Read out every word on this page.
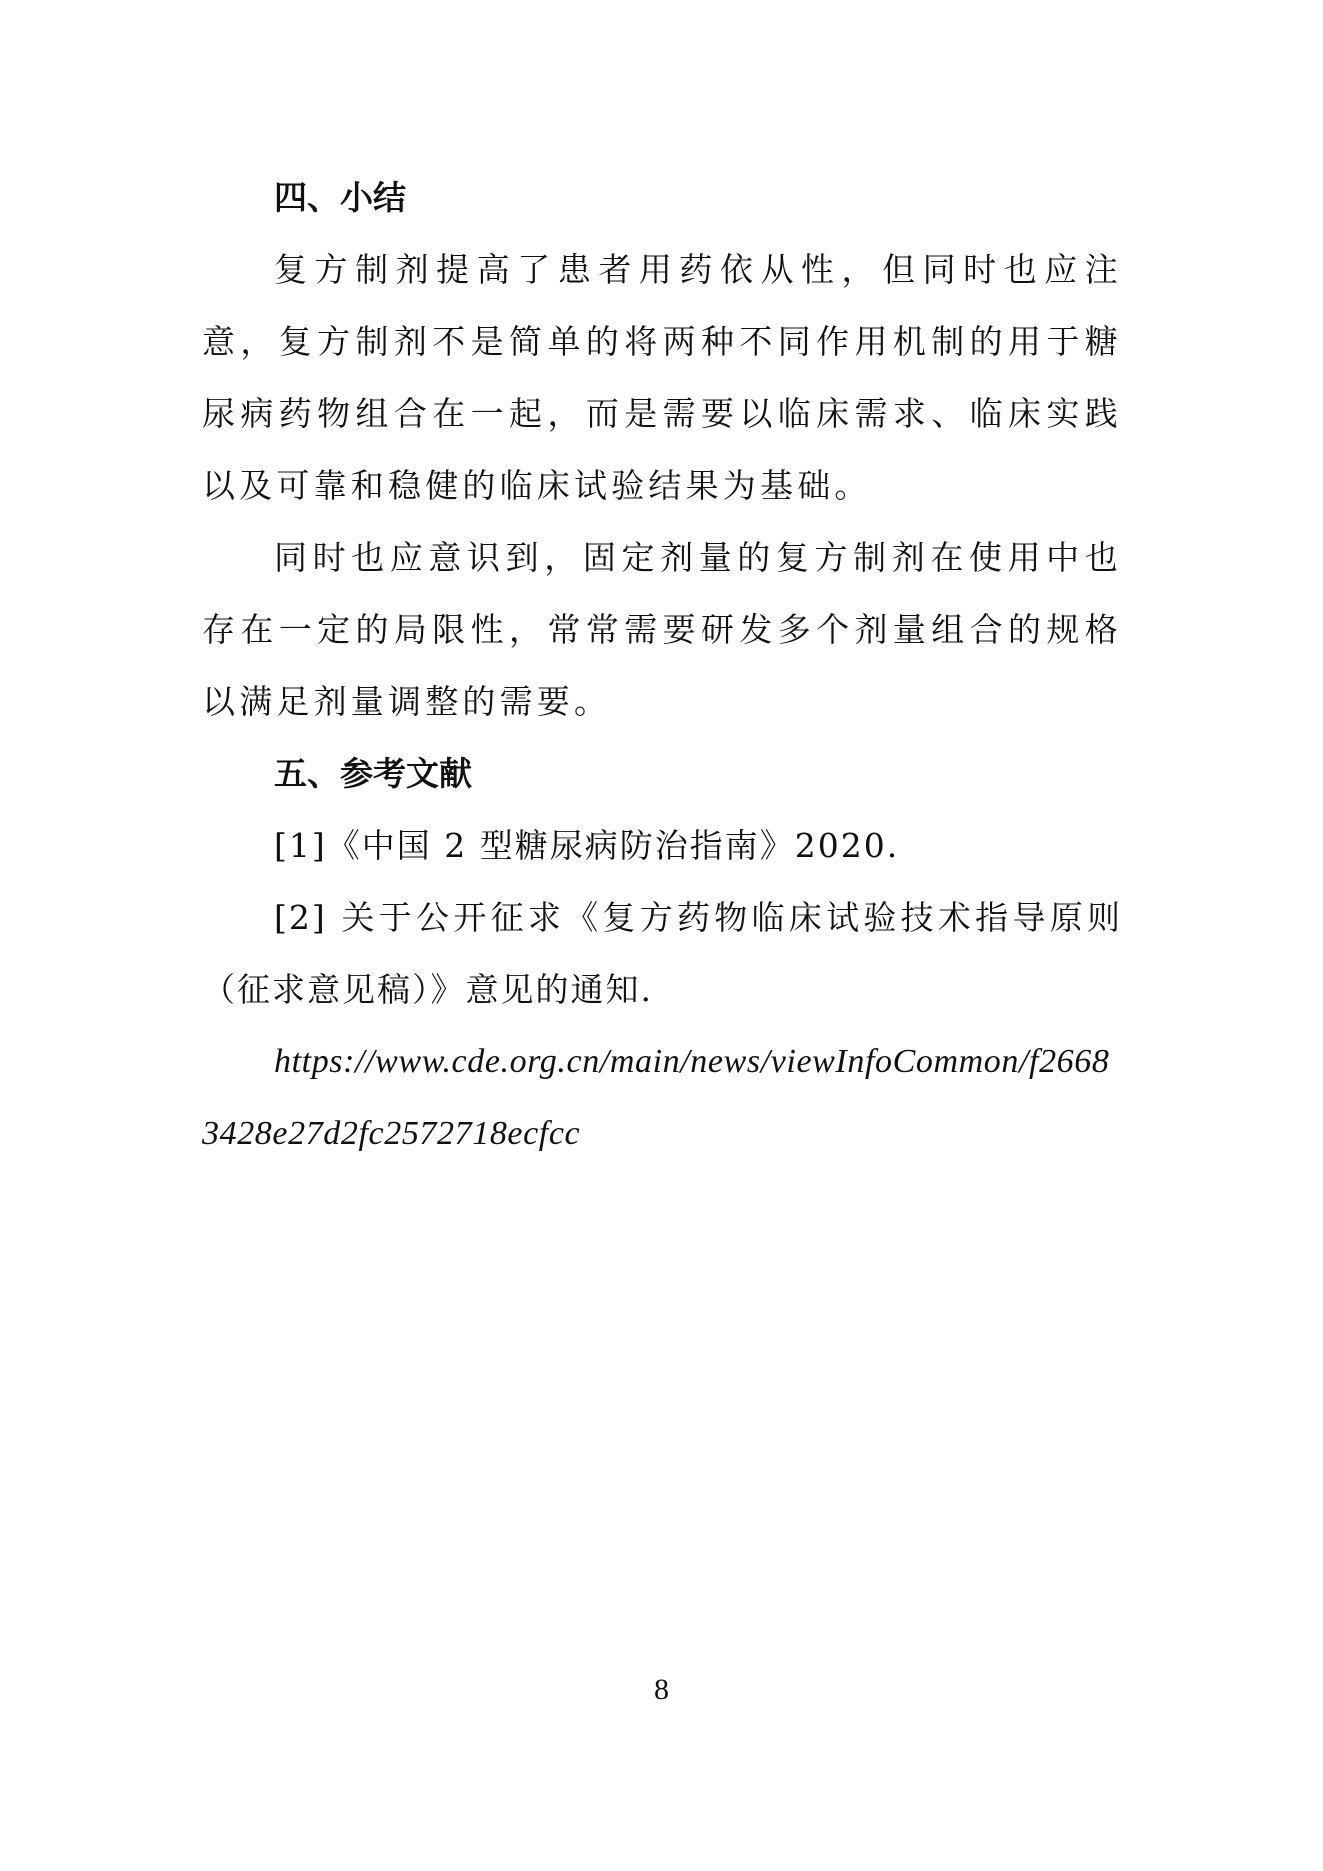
四、小结

复方制剂提高了患者用药依从性，但同时也应注意，复方制剂不是简单的将两种不同作用机制的用于糖尿病药物组合在一起，而是需要以临床需求、临床实践以及可靠和稳健的临床试验结果为基础。

同时也应意识到，固定剂量的复方制剂在使用中也存在一定的局限性，常常需要研发多个剂量组合的规格以满足剂量调整的需要。

五、参考文献

[1]《中国 2 型糖尿病防治指南》2020.

[2] 关于公开征求《复方药物临床试验技术指导原则（征求意见稿）》意见的通知.

https://www.cde.org.cn/main/news/viewInfoCommon/f26683428e27d2fc2572718ecfcc

8
